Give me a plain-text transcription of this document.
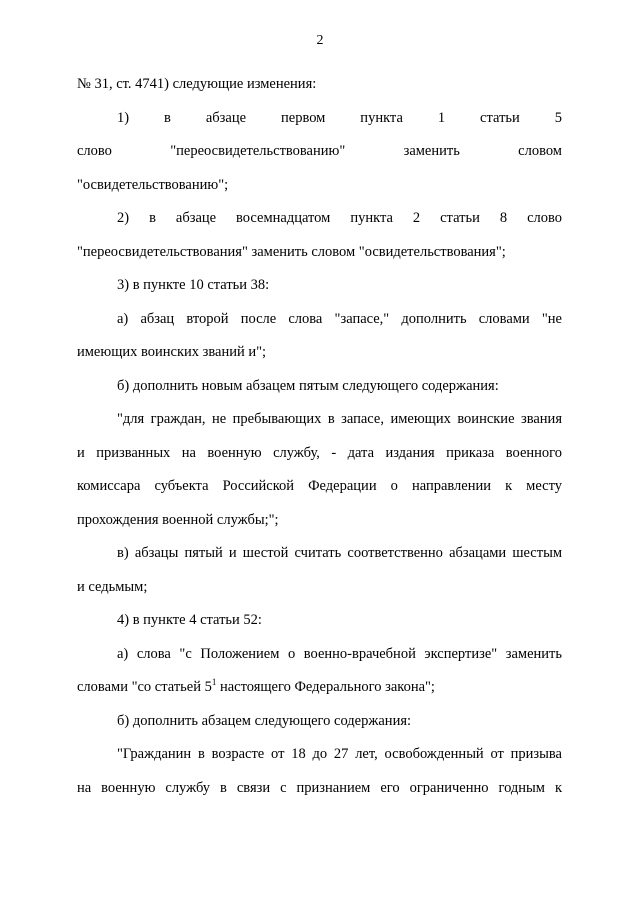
2

№ 31, ст. 4741) следующие изменения:

1) в абзаце первом пункта 1 статьи 5
слово "переосвидетельствованию" заменить словом
"освидетельствованию";
2) в абзаце восемнадцатом пункта 2 статьи 8 слово
"переосвидетельствования" заменить словом "освидетельствования";

3) в пункте 10 статьи 38:

а) абзац второй после слова "запасе," дополнить словами "не
имеющих воинских званий и";

б) дополнить новым абзацем пятым следующего содержания:

"для граждан, не пребывающих в запасе, имеющих воинские звания
и призванных на военную службу, - дата издания приказа военного
комиссара субъекта Российской Федерации о направлении к месту
прохождения военной службы;";
в) абзацы пятый и шестой считать соответственно абзацами шестым
и седьмым;

4) в пункте 4 статьи 52:

а) слова "с Положением о военно-врачебной экспертизе" заменить
словами "со статьей $5^1$ настоящего Федерального закона";

б) дополнить абзацем следующего содержания:

"Гражданин в возрасте от 18 до 27 лет, освобожденный от призыва
на военную службу в связи с признанием его ограниченно годным к
